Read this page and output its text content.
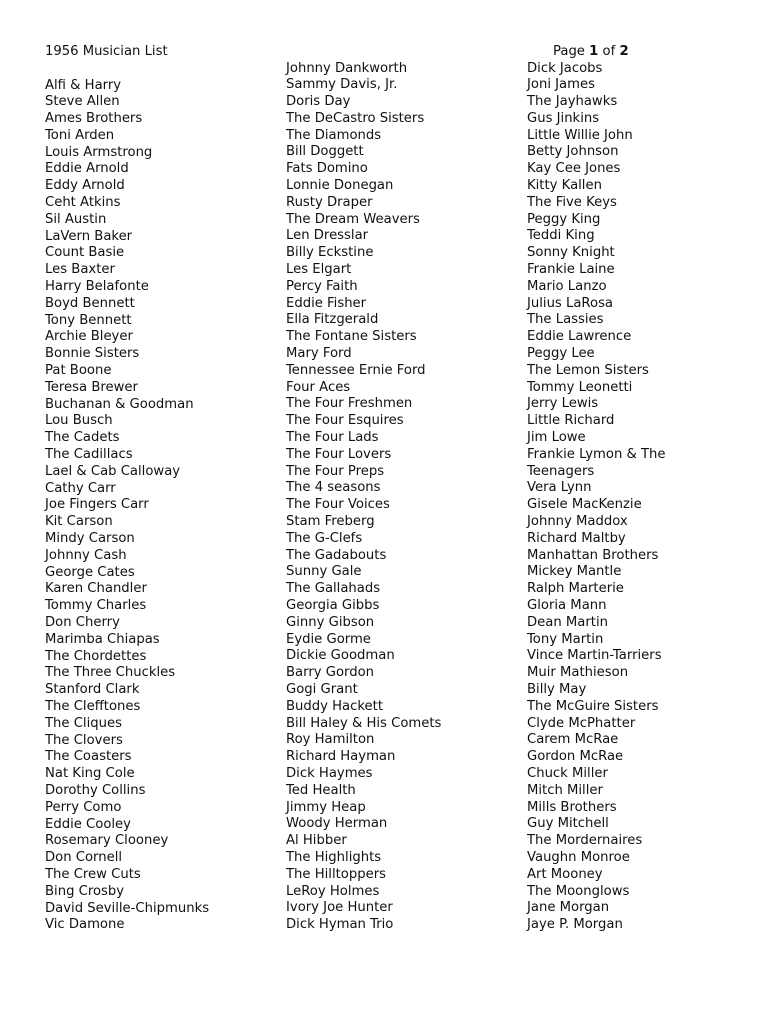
1956 Musician List	Page 1 of 2
Alfi & Harry
Steve Allen
Ames Brothers
Toni Arden
Louis Armstrong
Eddie Arnold
Eddy Arnold
Ceht Atkins
Sil Austin
LaVern Baker
Count Basie
Les Baxter
Harry Belafonte
Boyd Bennett
Tony Bennett
Archie Bleyer
Bonnie Sisters
Pat Boone
Teresa Brewer
Buchanan & Goodman
Lou Busch
The Cadets
The Cadillacs
Lael & Cab Calloway
Cathy Carr
Joe Fingers Carr
Kit Carson
Mindy Carson
Johnny Cash
George Cates
Karen Chandler
Tommy Charles
Don Cherry
Marimba Chiapas
The Chordettes
The Three Chuckles
Stanford Clark
The Clefftones
The Cliques
The Clovers
The Coasters
Nat King Cole
Dorothy Collins
Perry Como
Eddie Cooley
Rosemary Clooney
Don Cornell
The Crew Cuts
Bing Crosby
David Seville-Chipmunks
Vic Damone
Johnny Dankworth
Sammy Davis, Jr.
Doris Day
The DeCastro Sisters
The Diamonds
Bill Doggett
Fats Domino
Lonnie Donegan
Rusty Draper
The Dream Weavers
Len Dresslar
Billy Eckstine
Les Elgart
Percy Faith
Eddie Fisher
Ella Fitzgerald
The Fontane Sisters
Mary Ford
Tennessee Ernie Ford
Four Aces
The Four Freshmen
The Four Esquires
The Four Lads
The Four Lovers
The Four Preps
The 4 seasons
The Four Voices
Stam Freberg
The G-Clefs
The Gadabouts
Sunny Gale
The Gallahads
Georgia Gibbs
Ginny Gibson
Eydie Gorme
Dickie Goodman
Barry Gordon
Gogi Grant
Buddy Hackett
Bill Haley & His Comets
Roy Hamilton
Richard Hayman
Dick Haymes
Ted Health
Jimmy Heap
Woody Herman
Al Hibber
The Highlights
The Hilltoppers
LeRoy Holmes
Ivory Joe Hunter
Dick Hyman Trio
Dick Jacobs
Joni James
The Jayhawks
Gus Jinkins
Little Willie John
Betty Johnson
Kay Cee Jones
Kitty Kallen
The Five Keys
Peggy King
Teddi King
Sonny Knight
Frankie Laine
Mario Lanzo
Julius LaRosa
The Lassies
Eddie Lawrence
Peggy Lee
The Lemon Sisters
Tommy Leonetti
Jerry Lewis
Little Richard
Jim Lowe
Frankie Lymon & The
Teenagers
Vera Lynn
Gisele MacKenzie
Johnny Maddox
Richard Maltby
Manhattan Brothers
Mickey Mantle
Ralph Marterie
Gloria Mann
Dean Martin
Tony Martin
Vince Martin-Tarriers
Muir Mathieson
Billy May
The McGuire Sisters
Clyde McPhatter
Carem McRae
Gordon McRae
Chuck Miller
Mitch Miller
Mills Brothers
Guy Mitchell
The Mordernaires
Vaughn Monroe
Art Mooney
The Moonglows
Jane Morgan
Jaye P. Morgan
